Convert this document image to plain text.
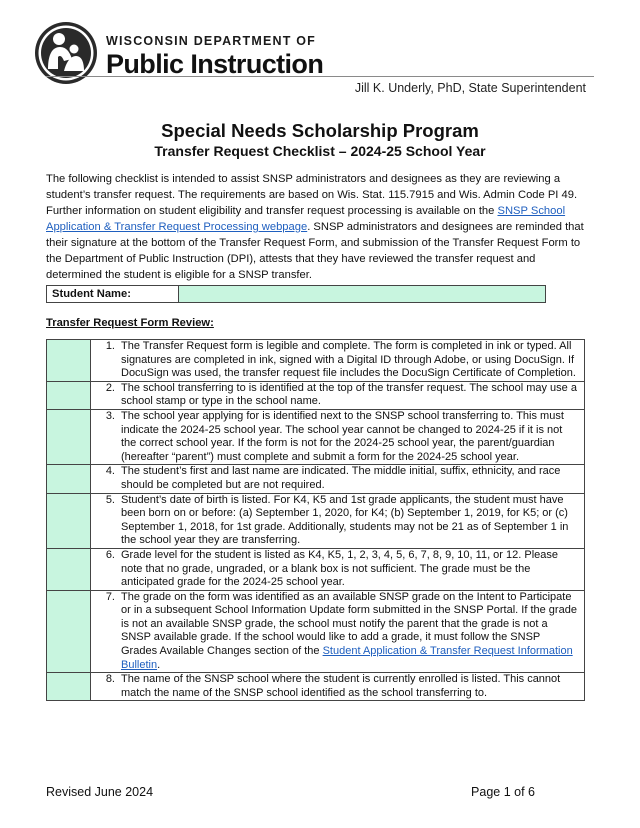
WISCONSIN DEPARTMENT OF
Public Instruction
Jill K. Underly, PhD, State Superintendent
Special Needs Scholarship Program
Transfer Request Checklist – 2024-25 School Year
The following checklist is intended to assist SNSP administrators and designees as they are reviewing a student’s transfer request. The requirements are based on Wis. Stat. 115.7915 and Wis. Admin Code PI 49. Further information on student eligibility and transfer request processing is available on the SNSP School Application & Transfer Request Processing webpage. SNSP administrators and designees are reminded that their signature at the bottom of the Transfer Request Form, and submission of the Transfer Request Form to the Department of Public Instruction (DPI), attests that they have reviewed the transfer request and determined the student is eligible for a SNSP transfer.
Student Name:
Transfer Request Form Review:

	1. The Transfer Request form is legible and complete. The form is completed in ink or typed. All signatures are completed in ink, signed with a Digital ID through Adobe, or using DocuSign. If DocuSign was used, the transfer request file includes the DocuSign Certificate of Completion.

	2. The school transferring to is identified at the top of the transfer request. The school may use a school stamp or type in the school name.

	3. The school year applying for is identified next to the SNSP school transferring to. This must indicate the 2024-25 school year. The school year cannot be changed to 2024-25 if it is not the correct school year. If the form is not for the 2024-25 school year, the parent/guardian (hereafter “parent”) must complete and submit a form for the 2024-25 school year.

	4. The student’s first and last name are indicated. The middle initial, suffix, ethnicity, and race should be completed but are not required.

	5. Student’s date of birth is listed. For K4, K5 and 1st grade applicants, the student must have been born on or before: (a) September 1, 2020, for K4; (b) September 1, 2019, for K5; or (c) September 1, 2018, for 1st grade. Additionally, students may not be 21 as of September 1 in the school year they are transferring.

	6. Grade level for the student is listed as K4, K5, 1, 2, 3, 4, 5, 6, 7, 8, 9, 10, 11, or 12. Please note that no grade, ungraded, or a blank box is not sufficient. The grade must be the anticipated grade for the 2024-25 school year.

	7. The grade on the form was identified as an available SNSP grade on the Intent to Participate or in a subsequent School Information Update form submitted in the SNSP Portal. If the grade is not an available SNSP grade, the school must notify the parent that the grade is not a SNSP available grade. If the school would like to add a grade, it must follow the SNSP Grades Available Changes section of the Student Application & Transfer Request Information Bulletin.

	8. The name of the SNSP school where the student is currently enrolled is listed. This cannot match the name of the SNSP school identified as the school transferring to.
Revised June 2024	Page 1 of 6
